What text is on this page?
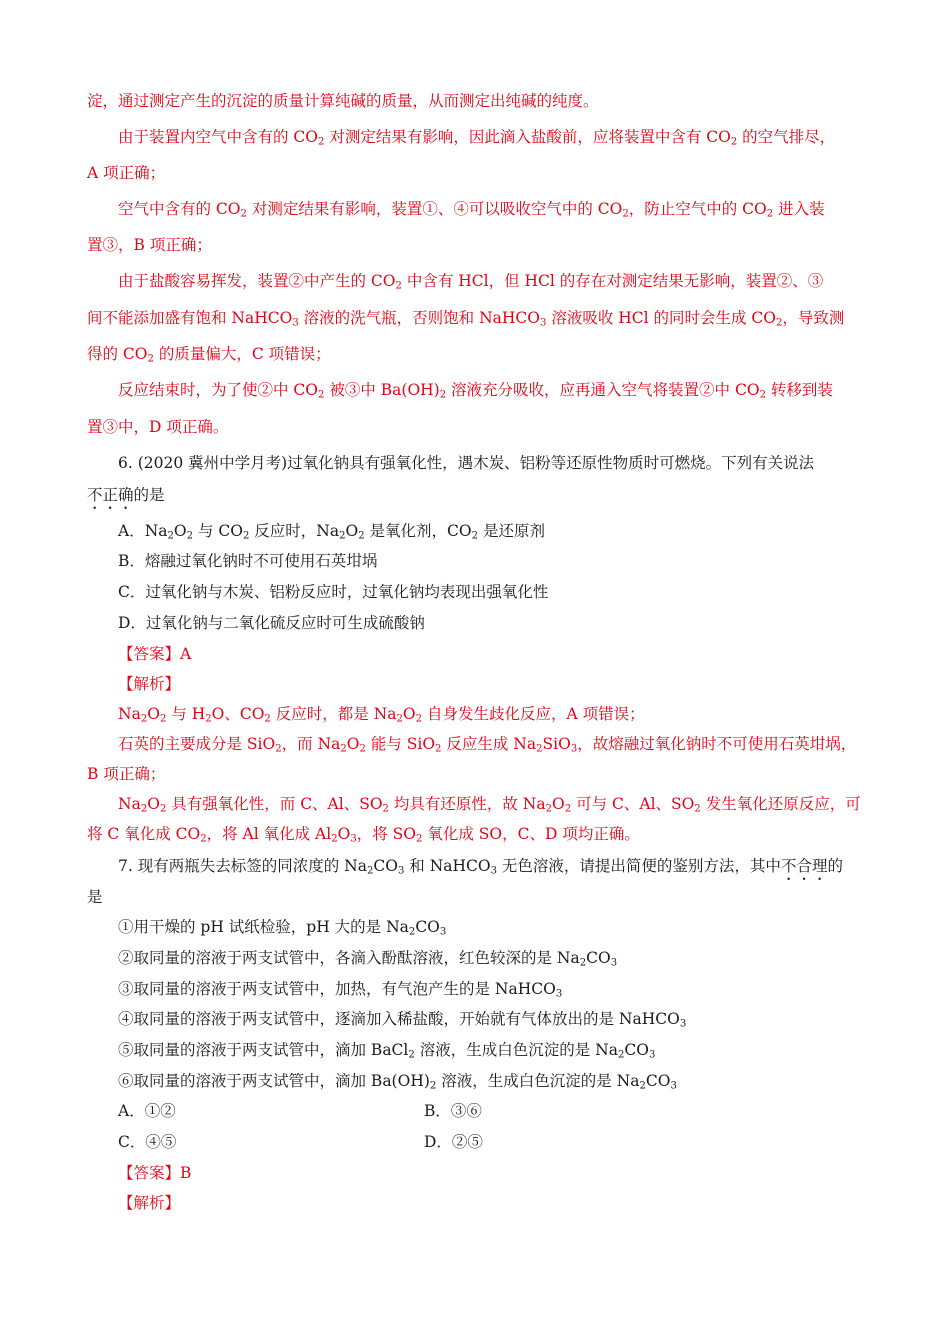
淀，通过测定产生的沉淀的质量计算纯碱的质量，从而测定出纯碱的纯度。
由于装置内空气中含有的 $CO_2$ 对测定结果有影响，因此滴入盐酸前，应将装置中含有 $CO_2$ 的空气排尽，
A 项正确；
空气中含有的 $CO_2$ 对测定结果有影响，装置①、④可以吸收空气中的 $CO_2$，防止空气中的 $CO_2$ 进入装
置③，B 项正确；
由于盐酸容易挥发，装置②中产生的 $CO_2$ 中含有 HCl，但 HCl 的存在对测定结果无影响，装置②、③
间不能添加盛有饱和 NaHCO$_3$ 溶液的洗气瓶，否则饱和 NaHCO$_3$ 溶液吸收 HCl 的同时会生成 $CO_2$，导致测
得的 $CO_2$ 的质量偏大，C 项错误；
反应结束时，为了使②中 $CO_2$ 被③中 $Ba(OH)_2$ 溶液充分吸收，应再通入空气将装置②中 $CO_2$ 转移到装
置③中，D 项正确。
6. (2020 冀州中学月考)过氧化钠具有强氧化性，遇木炭、铝粉等还原性物质时可燃烧。下列有关说法
不正确的是
A．$Na_2O_2$ 与 $CO_2$ 反应时，$Na_2O_2$ 是氧化剂，$CO_2$ 是还原剂
B．熔融过氧化钠时不可使用石英坩埚
C．过氧化钠与木炭、铝粉反应时，过氧化钠均表现出强氧化性
D．过氧化钠与二氧化硫反应时可生成硫酸钠
【答案】A
【解析】
$Na_2O_2$ 与 $H_2O$、$CO_2$ 反应时，都是 $Na_2O_2$ 自身发生歧化反应，A 项错误；
石英的主要成分是 SiO$_2$，而 $Na_2O_2$ 能与 SiO$_2$ 反应生成 $Na_2SiO_3$，故熔融过氧化钠时不可使用石英坩埚，
B 项正确；
$Na_2O_2$ 具有强氧化性，而 C、Al、$SO_2$ 均具有还原性，故 $Na_2O_2$ 可与 C、Al、$SO_2$ 发生氧化还原反应，可
将 C 氧化成 $CO_2$，将 Al 氧化成 $Al_2O_3$，将 $SO_2$ 氧化成 SO，C、D 项均正确。
7. 现有两瓶失去标签的同浓度的 $Na_2CO_3$ 和 NaHCO$_3$ 无色溶液，请提出简便的鉴别方法，其中不合理的
是
①用干燥的 pH 试纸检验，pH 大的是 $Na_2CO_3$
②取同量的溶液于两支试管中，各滴入酚酞溶液，红色较深的是 $Na_2CO_3$
③取同量的溶液于两支试管中，加热，有气泡产生的是 NaHCO$_3$
④取同量的溶液于两支试管中，逐滴加入稀盐酸，开始就有气体放出的是 NaHCO$_3$
⑤取同量的溶液于两支试管中，滴加 BaCl$_2$ 溶液，生成白色沉淀的是 $Na_2CO_3$
⑥取同量的溶液于两支试管中，滴加 $Ba(OH)_2$ 溶液，生成白色沉淀的是 $Na_2CO_3$
A．①②	B．③⑥
C．④⑤	D．②⑤
【答案】B
【解析】
